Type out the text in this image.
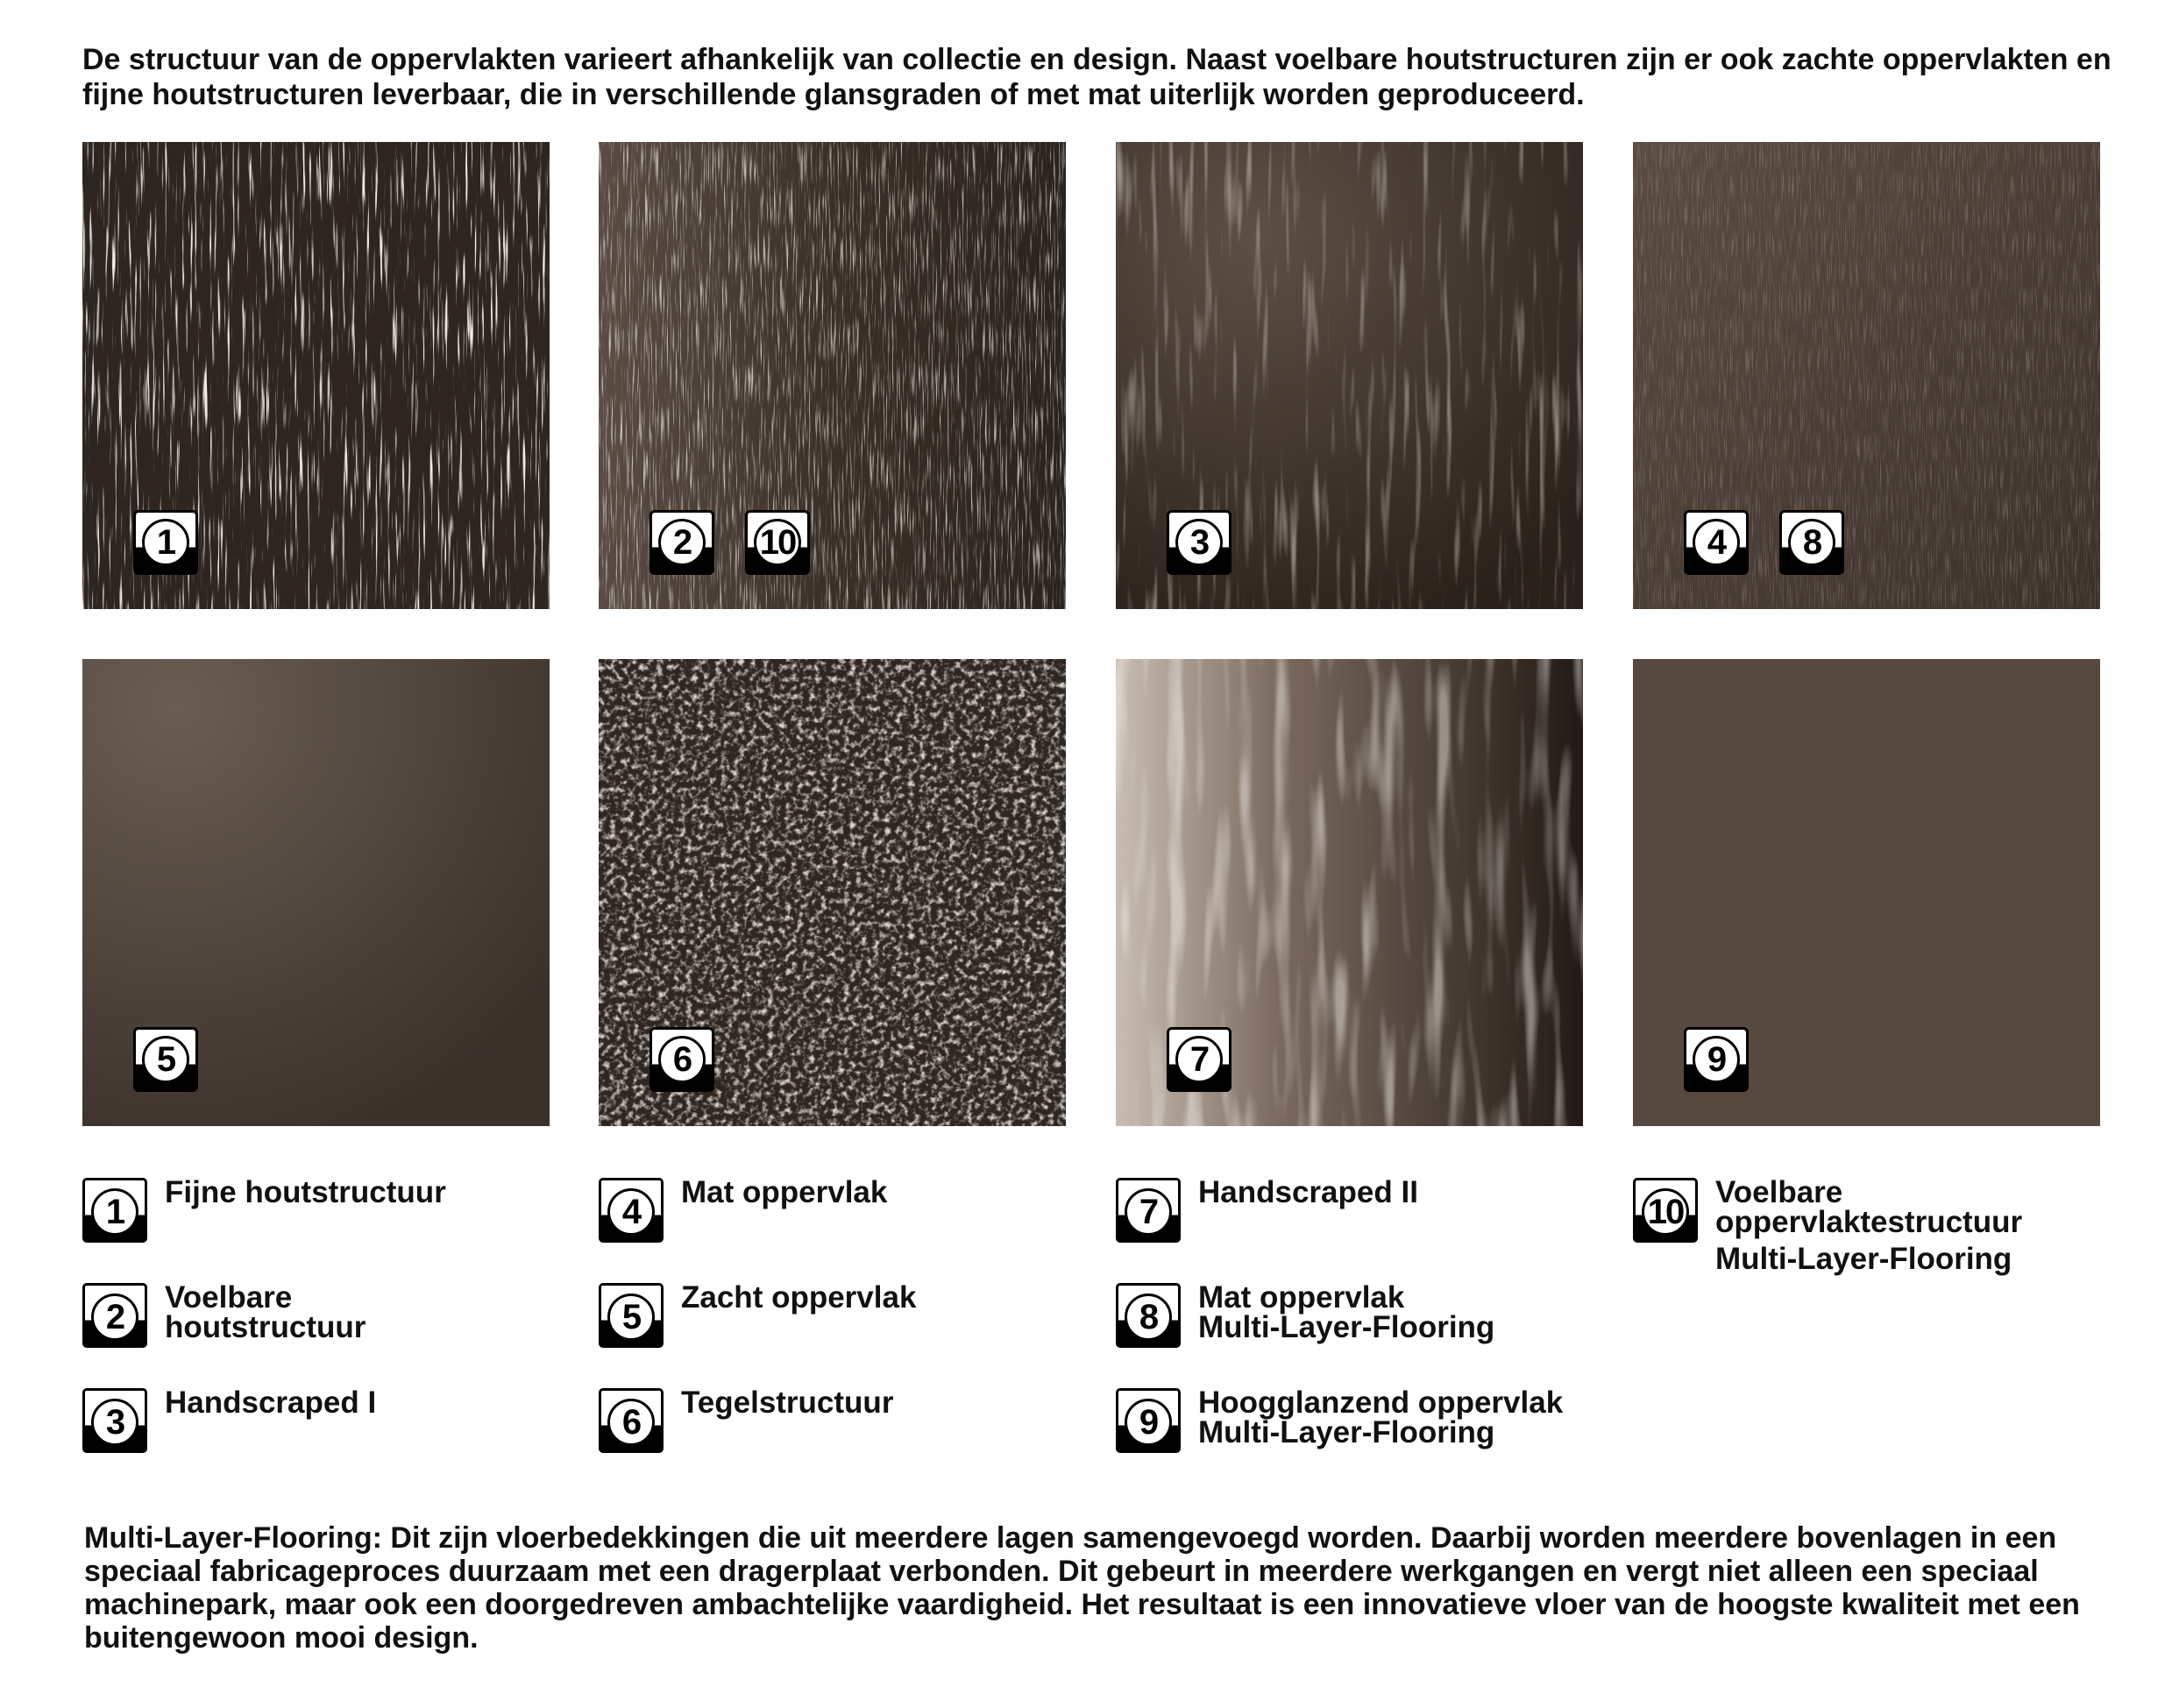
De structuur van de oppervlakten varieert afhankelijk van collectie en design. Naast voelbare houtstructuren zijn er ook zachte oppervlakten en fijne houtstructuren leverbaar, die in verschillende glansgraden of met mat uiterlijk worden geproduceerd.
1	2	10	3	4	8
5	6	7	9
1	Fijne houtstructuur
2	Voelbare
houtstructuur
3	Handscraped I
4	Mat oppervlak
5	Zacht oppervlak
6	Tegelstructuur
7	Handscraped II
8	Mat oppervlak
Multi-Layer-Flooring
9	Hoogglanzend oppervlak
Multi-Layer-Flooring
10 Voelbare
oppervlaktestructuur
Multi-Layer-Flooring
Multi-Layer-Flooring: Dit zijn vloerbedekkingen die uit meerdere lagen samengevoegd worden. Daarbij worden meerdere bovenlagen in een speciaal fabricageproces duurzaam met een dragerplaat verbonden. Dit gebeurt in meerdere werkgangen en vergt niet alleen een speciaal machinepark, maar ook een doorgedreven ambachtelijke vaardigheid. Het resultaat is een innovatieve vloer van de hoogste kwaliteit met een buitengewoon mooi design.
